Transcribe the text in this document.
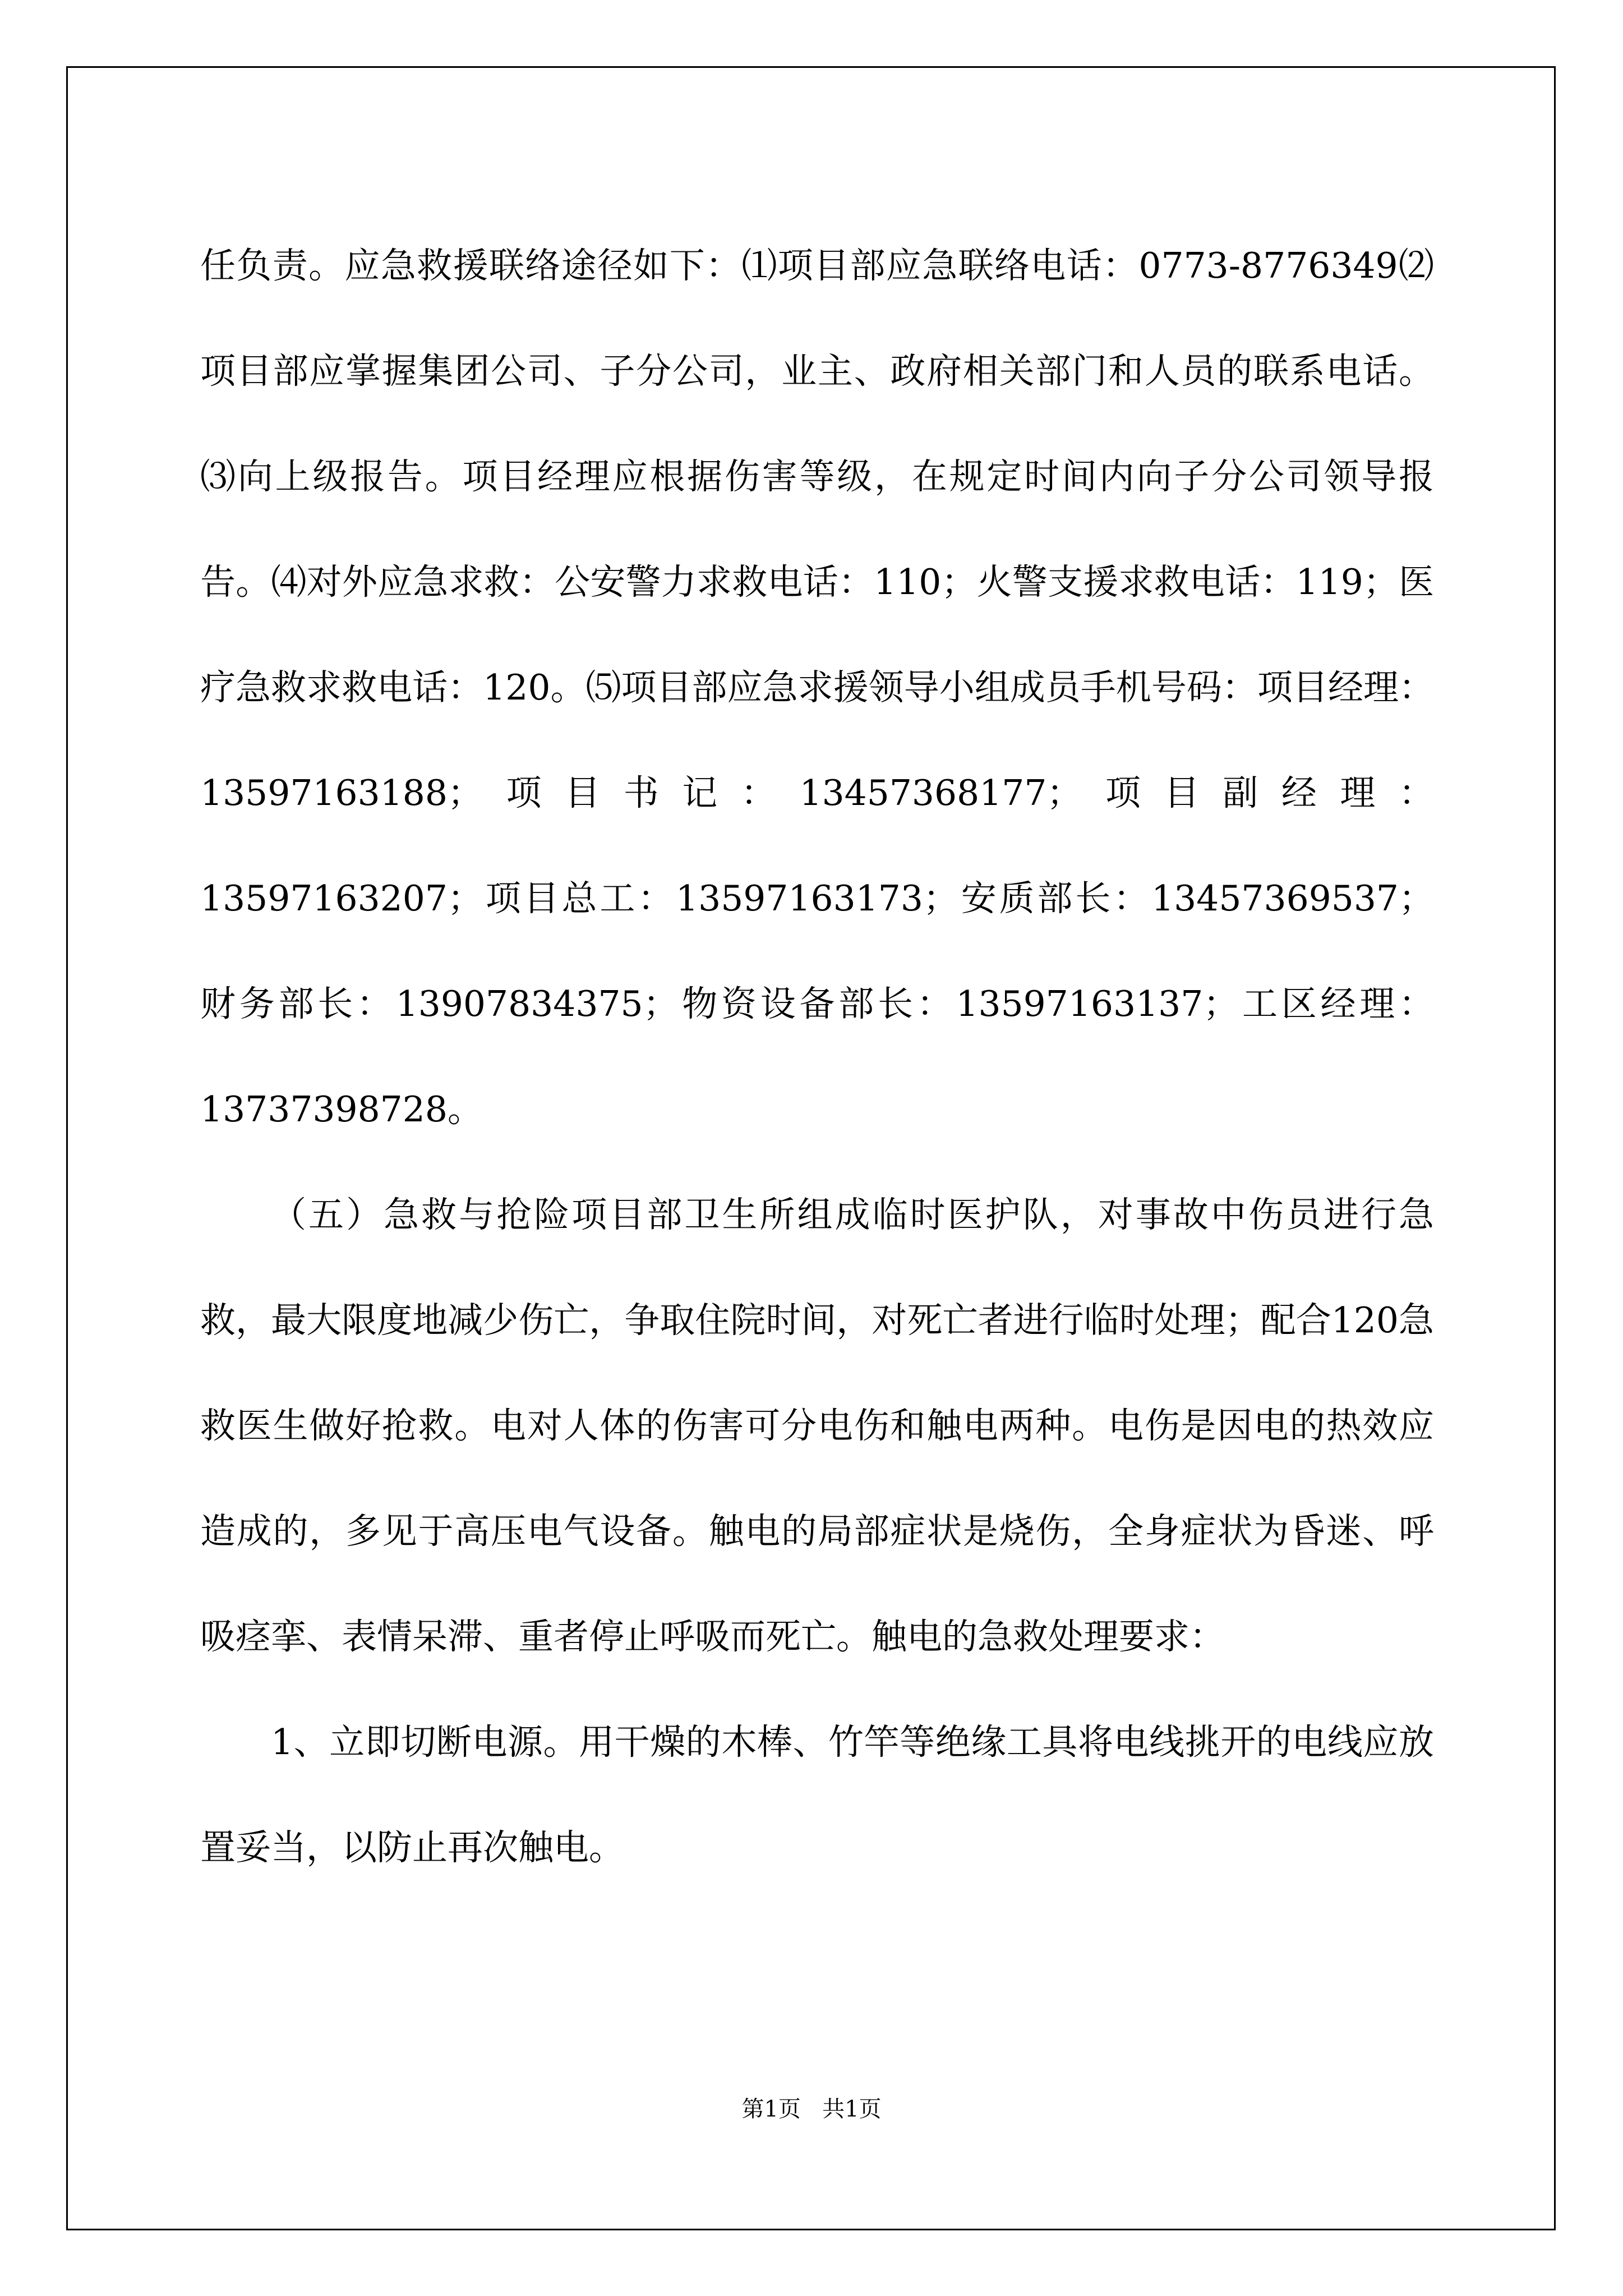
任负责。应急救援联络途径如下：⑴项目部应急联络电话：0773-8776349⑵项目部应掌握集团公司、子分公司，业主、政府相关部门和人员的联系电话。⑶向上级报告。项目经理应根据伤害等级，在规定时间内向子分公司领导报告。⑷对外应急求救：公安警力求救电话：110；火警支援求救电话：119；医疗急救求救电话：120。⑸项目部应急求援领导小组成员手机号码：项目经理：13597163188；项目书记：13457368177；项目副经理：13597163207；项目总工：13597163173；安质部长：13457369537；财务部长：13907834375；物资设备部长：13597163137；工区经理：13737398728。

（五）急救与抢险项目部卫生所组成临时医护队，对事故中伤员进行急救，最大限度地减少伤亡，争取住院时间，对死亡者进行临时处理；配合120急救医生做好抢救。电对人体的伤害可分电伤和触电两种。电伤是因电的热效应造成的，多见于高压电气设备。触电的局部症状是烧伤，全身症状为昏迷、呼吸痉挛、表情呆滞、重者停止呼吸而死亡。触电的急救处理要求：

1、立即切断电源。用干燥的木棒、竹竿等绝缘工具将电线挑开的电线应放置妥当，以防止再次触电。

第1页 共1页
